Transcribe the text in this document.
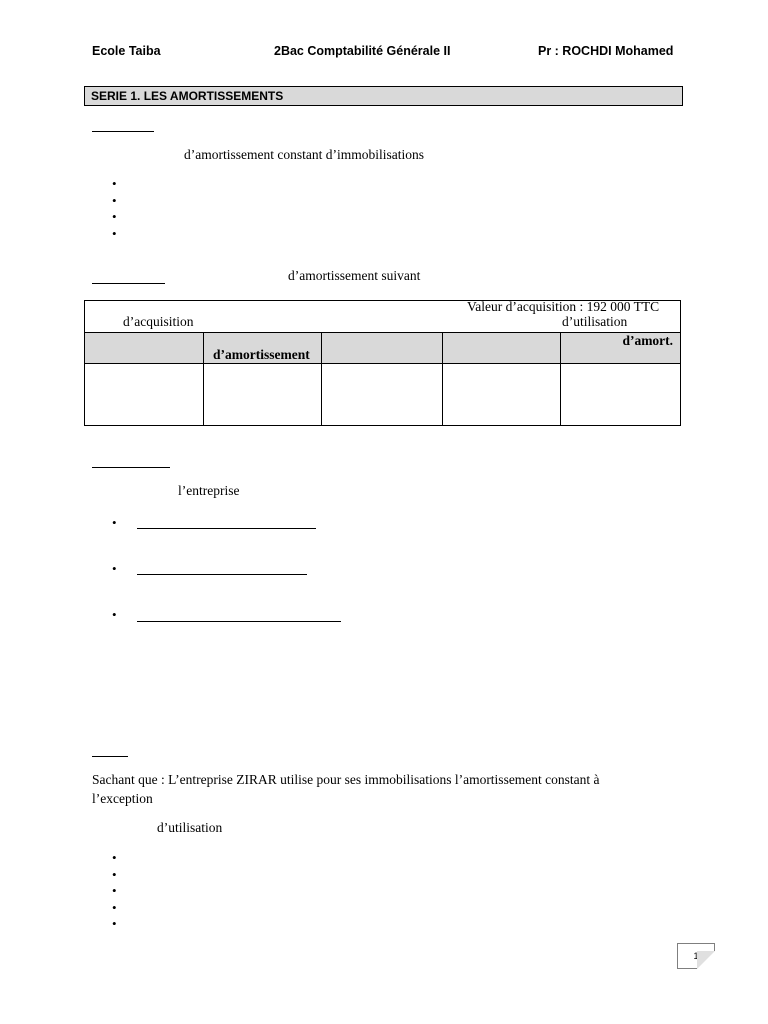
Ecole Taiba	2Bac Comptabilité Générale II	Pr : ROCHDI Mohamed
SERIE 1. LES AMORTISSEMENTS
d’amortissement constant d’immobilisations
•
•
•
•
d’amortissement suivant
d’acquisition
Valeur d’acquisition : 192 000 TTC
d’utilisation				

	d’amortissement			d’amort.

l’entreprise
•
•
•
Sachant que : L’entreprise ZIRAR utilise pour ses immobilisations l’amortissement constant à
l’exception
d’utilisation
•
•
•
•
•
1
